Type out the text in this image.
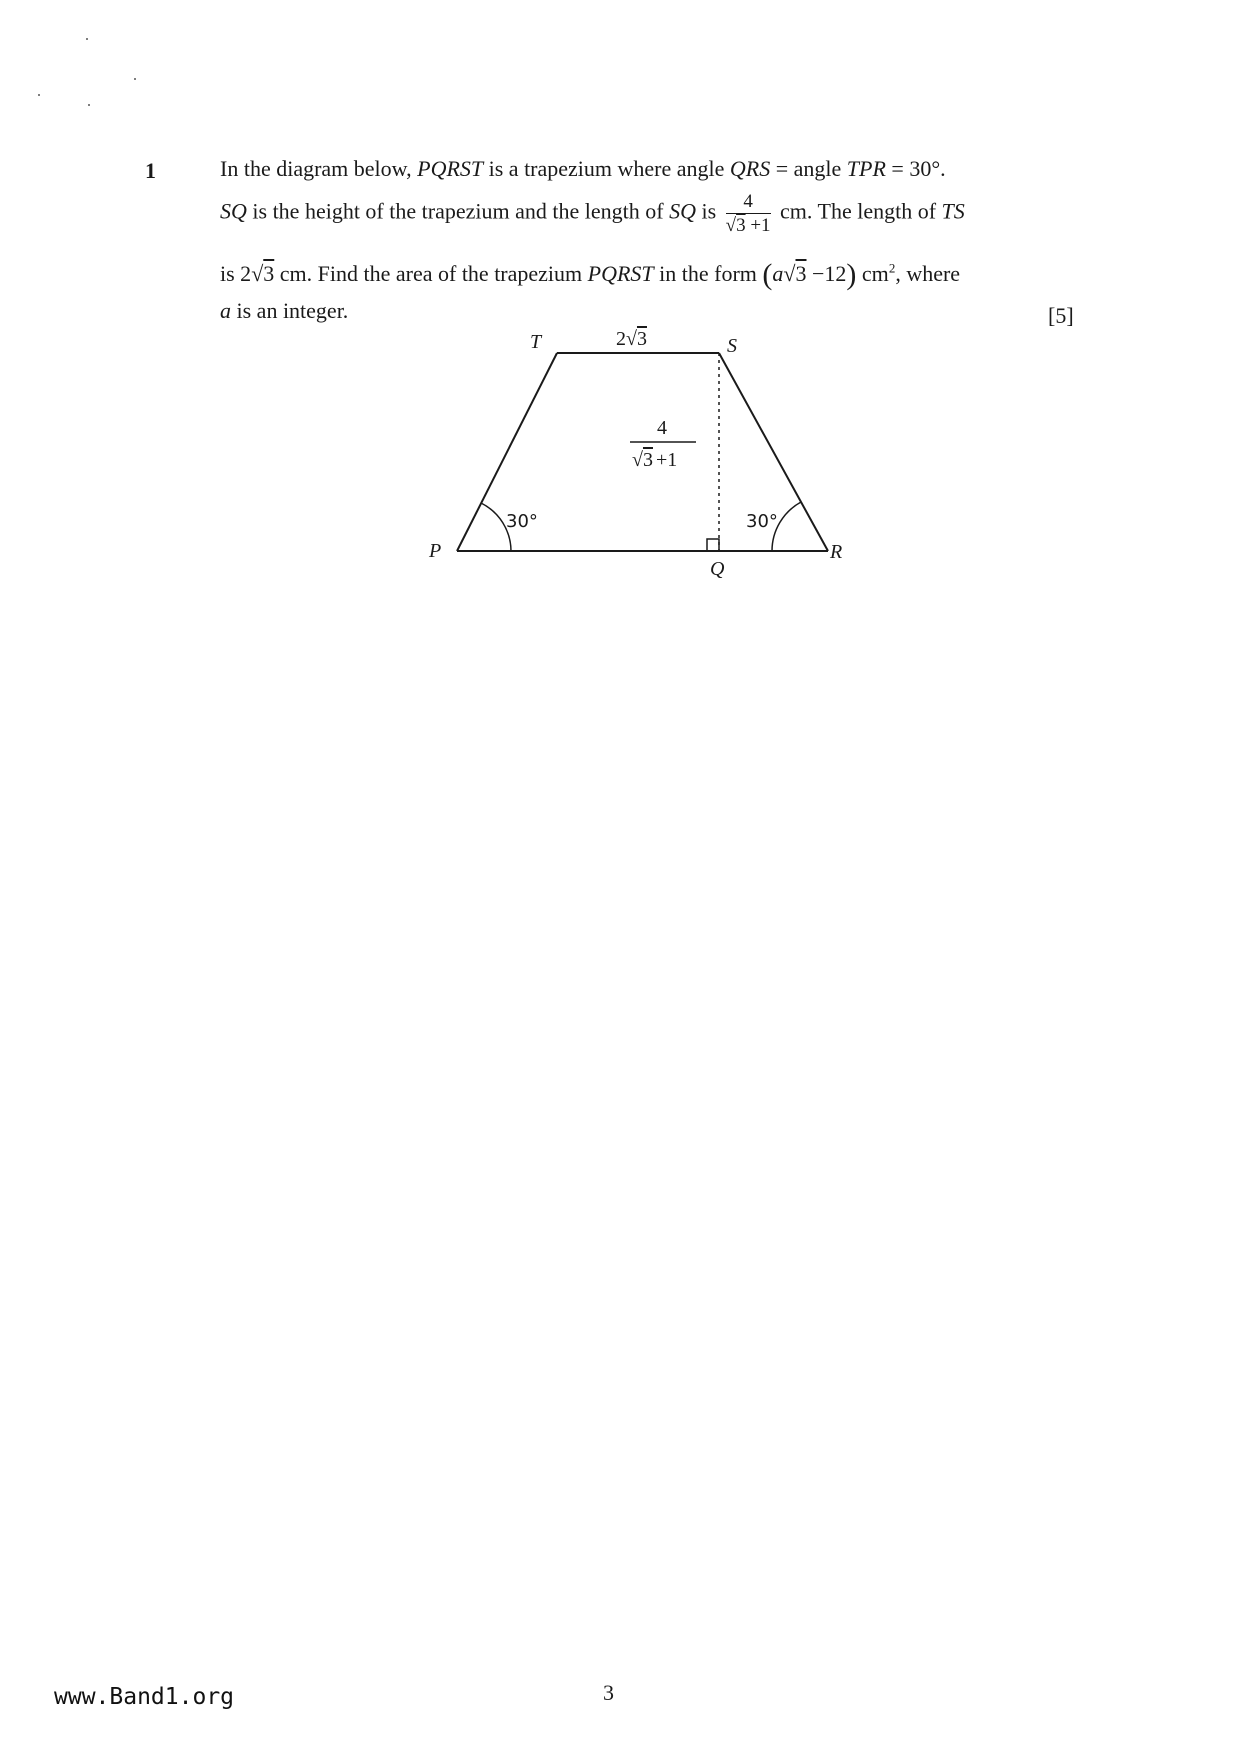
1	In the diagram below, PQRST is a trapezium where angle QRS = angle TPR = 30°.
SQ is the height of the trapezium and the length of SQ is $\frac{4}{√3 +1}$ cm. The length of TS
is 2√3 cm. Find the area of the trapezium PQRST in the form (a√3 −12) $cm^2$, where
a is an integer.	[5]
T	S
P
Q
R
2√3
4
√3 +1
30°	30°
www.Band1.org	3
